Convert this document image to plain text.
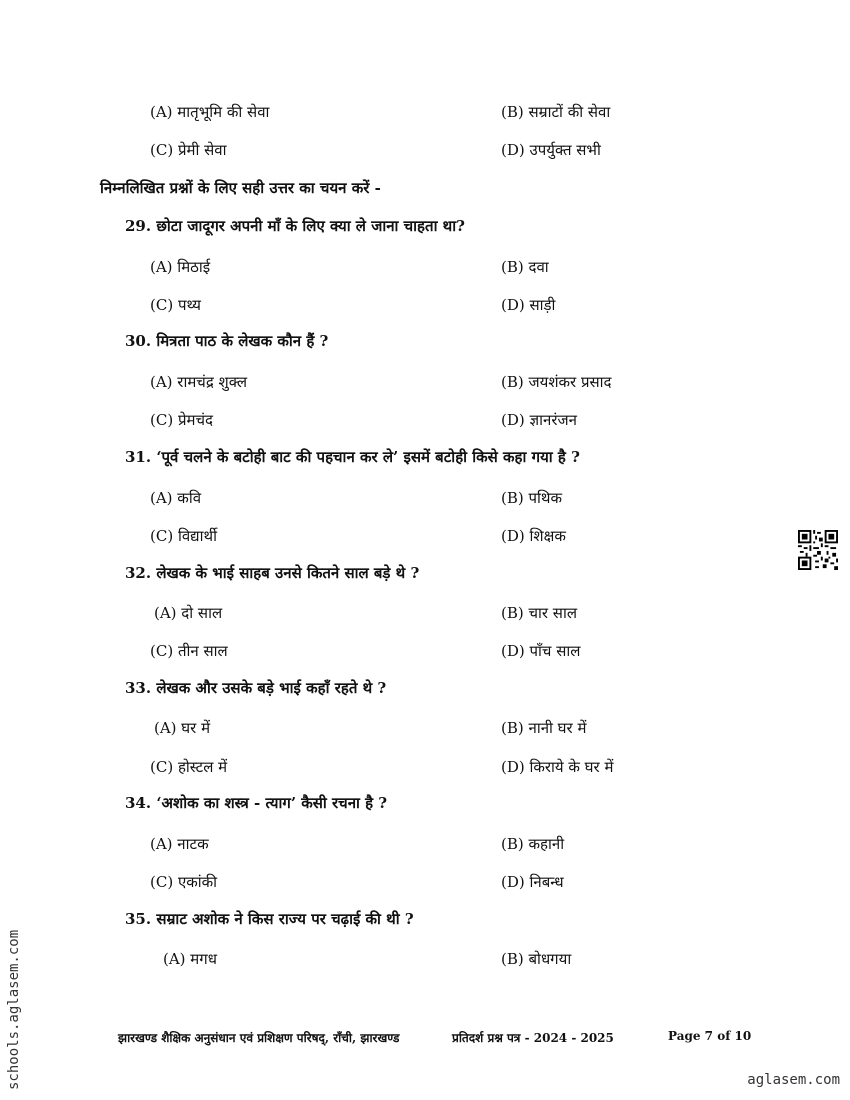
(A) मातृभूमि की सेवा	(B) सम्राटों की सेवा
(C) प्रेमी सेवा	(D) उपर्युक्त सभी
निम्नलिखित प्रश्नों के लिए सही उत्तर का चयन करें -
29. छोटा जादूगर अपनी माँ के लिए क्या ले जाना चाहता था?
(A) मिठाई	(B) दवा
(C) पथ्य	(D) साड़ी
30. मित्रता पाठ के लेखक कौन हैं ?
(A) रामचंद्र शुक्ल	(B) जयशंकर प्रसाद
(C) प्रेमचंद	(D) ज्ञानरंजन
31. ‘पूर्व चलने के बटोही बाट की पहचान कर ले’ इसमें बटोही किसे कहा गया है ?
(A) कवि	(B) पथिक
(C) विद्यार्थी	(D) शिक्षक
32. लेखक के भाई साहब उनसे कितने साल बड़े थे ?
(A) दो साल	(B) चार साल
(C) तीन साल	(D) पाँच साल
33. लेखक और उसके बड़े भाई कहाँ रहते थे ?
(A) घर में	(B) नानी घर में
(C) होस्टल में	(D) किराये के घर में
34. ‘अशोक का शस्त्र - त्याग’ कैसी रचना है ?
(A) नाटक	(B) कहानी
(C) एकांकी	(D) निबन्ध
35. सम्राट अशोक ने किस राज्य पर चढ़ाई की थी ?
(A) मगध	(B) बोधगया
झारखण्ड शैक्षिक अनुसंधान एवं प्रशिक्षण परिषद्, राँची, झारखण्ड	प्रतिदर्श प्रश्न पत्र - 2024 - 2025	Page 7 of 10
schools.aglasem.com	aglasem.com
